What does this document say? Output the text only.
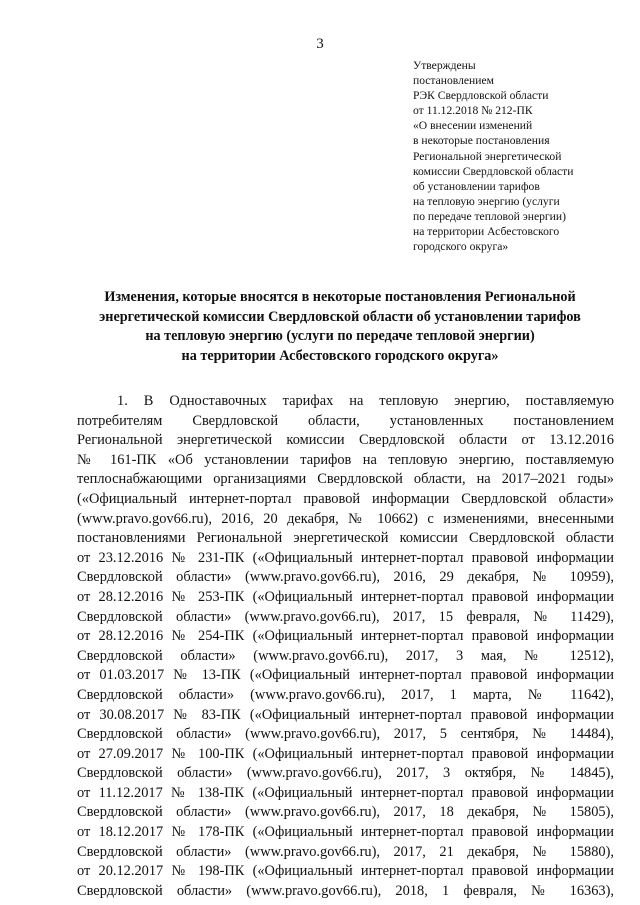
3
Утверждены
постановлением
РЭК Свердловской области
от 11.12.2018 № 212-ПК
«О внесении изменений
в некоторые постановления
Региональной энергетической
комиссии Свердловской области
об установлении тарифов
на тепловую энергию (услуги
по передаче тепловой энергии)
на территории Асбестовского
городского округа»
Изменения, которые вносятся в некоторые постановления Региональной
энергетической комиссии Свердловской области об установлении тарифов
на тепловую энергию (услуги по передаче тепловой энергии)
на территории Асбестовского городского округа»
1. В Одноставочных тарифах на тепловую энергию, поставляемую
потребителям Свердловской области, установленных постановлением
Региональной энергетической комиссии Свердловской области от 13.12.2016
№ 161-ПК «Об установлении тарифов на тепловую энергию, поставляемую
теплоснабжающими организациями Свердловской области, на 2017–2021 годы»
(«Официальный интернет-портал правовой информации Свердловской области»
(www.pravo.gov66.ru), 2016, 20 декабря, № 10662) с изменениями, внесенными
постановлениями Региональной энергетической комиссии Свердловской области
от 23.12.2016 № 231-ПК («Официальный интернет-портал правовой информации
Свердловской области» (www.pravo.gov66.ru), 2016, 29 декабря, № 10959),
от 28.12.2016 № 253-ПК («Официальный интернет-портал правовой информации
Свердловской области» (www.pravo.gov66.ru), 2017, 15 февраля, № 11429),
от 28.12.2016 № 254-ПК («Официальный интернет-портал правовой информации
Свердловской области» (www.pravo.gov66.ru), 2017, 3 мая, № 12512),
от 01.03.2017 № 13-ПК («Официальный интернет-портал правовой информации
Свердловской области» (www.pravo.gov66.ru), 2017, 1 марта, № 11642),
от 30.08.2017 № 83-ПК («Официальный интернет-портал правовой информации
Свердловской области» (www.pravo.gov66.ru), 2017, 5 сентября, № 14484),
от 27.09.2017 № 100-ПК («Официальный интернет-портал правовой информации
Свердловской области» (www.pravo.gov66.ru), 2017, 3 октября, № 14845),
от 11.12.2017 № 138-ПК («Официальный интернет-портал правовой информации
Свердловской области» (www.pravo.gov66.ru), 2017, 18 декабря, № 15805),
от 18.12.2017 № 178-ПК («Официальный интернет-портал правовой информации
Свердловской области» (www.pravo.gov66.ru), 2017, 21 декабря, № 15880),
от 20.12.2017 № 198-ПК («Официальный интернет-портал правовой информации
Свердловской области» (www.pravo.gov66.ru), 2018, 1 февраля, № 16363),
